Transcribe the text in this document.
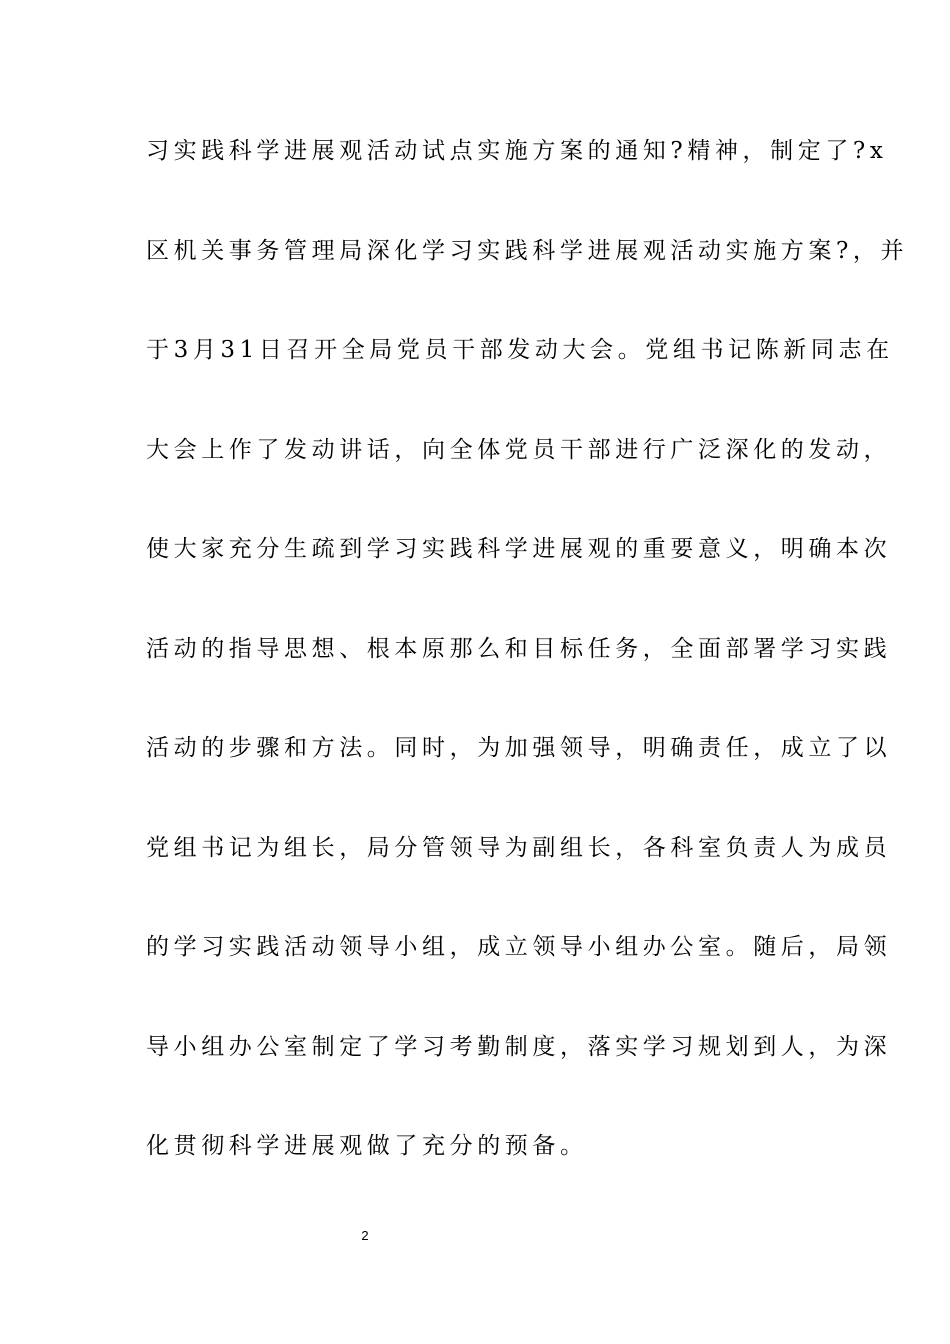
习实践科学进展观活动试点实施方案的通知?精神，制定了?x
区机关事务管理局深化学习实践科学进展观活动实施方案?，并
于3月31日召开全局党员干部发动大会。党组书记陈新同志在
大会上作了发动讲话，向全体党员干部进行广泛深化的发动，
使大家充分生疏到学习实践科学进展观的重要意义，明确本次
活动的指导思想、根本原那么和目标任务，全面部署学习实践
活动的步骤和方法。同时，为加强领导，明确责任，成立了以
党组书记为组长，局分管领导为副组长，各科室负责人为成员
的学习实践活动领导小组，成立领导小组办公室。随后，局领
导小组办公室制定了学习考勤制度，落实学习规划到人，为深
化贯彻科学进展观做了充分的预备。
2
